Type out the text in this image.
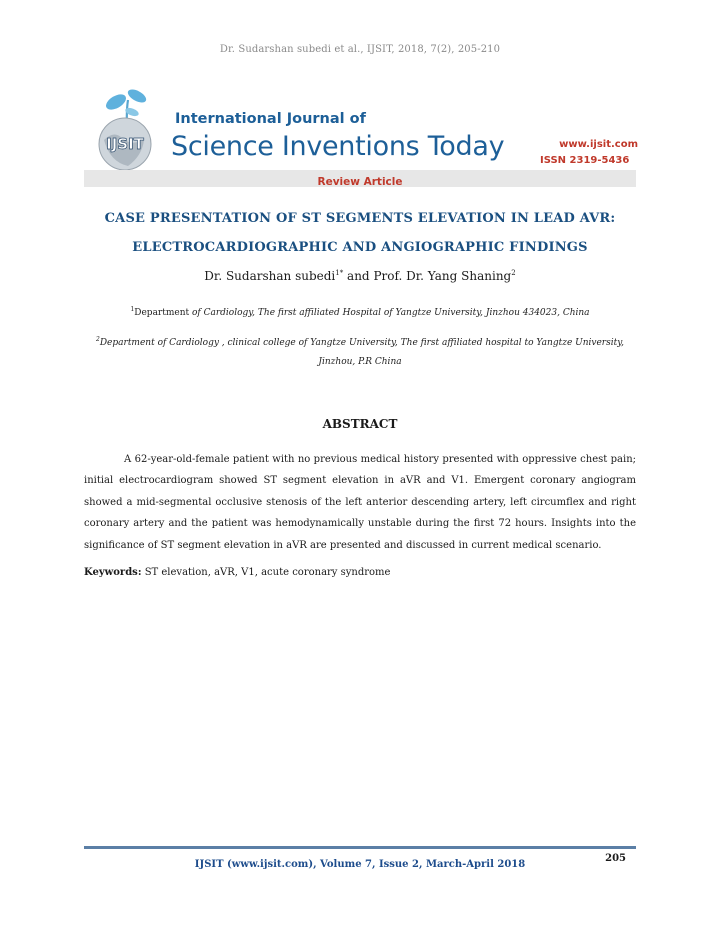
Dr. Sudarshan subedi et al., IJSIT, 2018, 7(2), 205-210
IJSIT
International Journal of
Science Inventions Today	www.ijsit.com
ISSN 2319-5436
Review Article
CASE PRESENTATION OF ST SEGMENTS ELEVATION IN LEAD AVR:
ELECTROCARDIOGRAPHIC AND ANGIOGRAPHIC FINDINGS
Dr. Sudarshan subedi$^{1*}$ and Prof. Dr. Yang Shaning$^2$
$^1$Department of Cardiology, The first affiliated Hospital of Yangtze University, Jinzhou 434023, China
$^2$Department of Cardiology , clinical college of Yangtze University, The first affiliated hospital to Yangtze University,
Jinzhou, P.R China
ABSTRACT
A 62-year-old-female patient with no previous medical history presented with oppressive chest pain; initial electrocardiogram showed ST segment elevation in aVR and V1. Emergent coronary angiogram showed a mid-segmental occlusive stenosis of the left anterior descending artery, left circumflex and right coronary artery and the patient was hemodynamically unstable during the first 72 hours. Insights into the significance of ST segment elevation in aVR are presented and discussed in current medical scenario.
Keywords: ST elevation, aVR, V1, acute coronary syndrome
205
IJSIT (www.ijsit.com), Volume 7, Issue 2, March-April 2018
